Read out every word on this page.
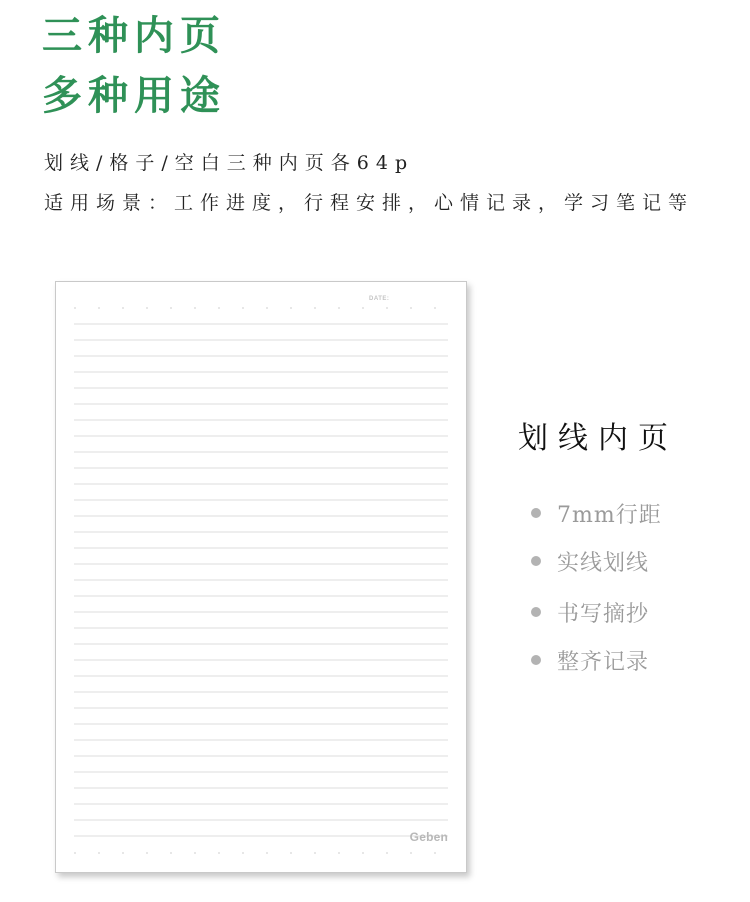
三种内页
多种用途
划线/格子/空白三种内页各64p
适用场景：工作进度，行程安排，心情记录，学习笔记等
DATE:
Geben
划线内页
7mm行距
实线划线
书写摘抄
整齐记录
